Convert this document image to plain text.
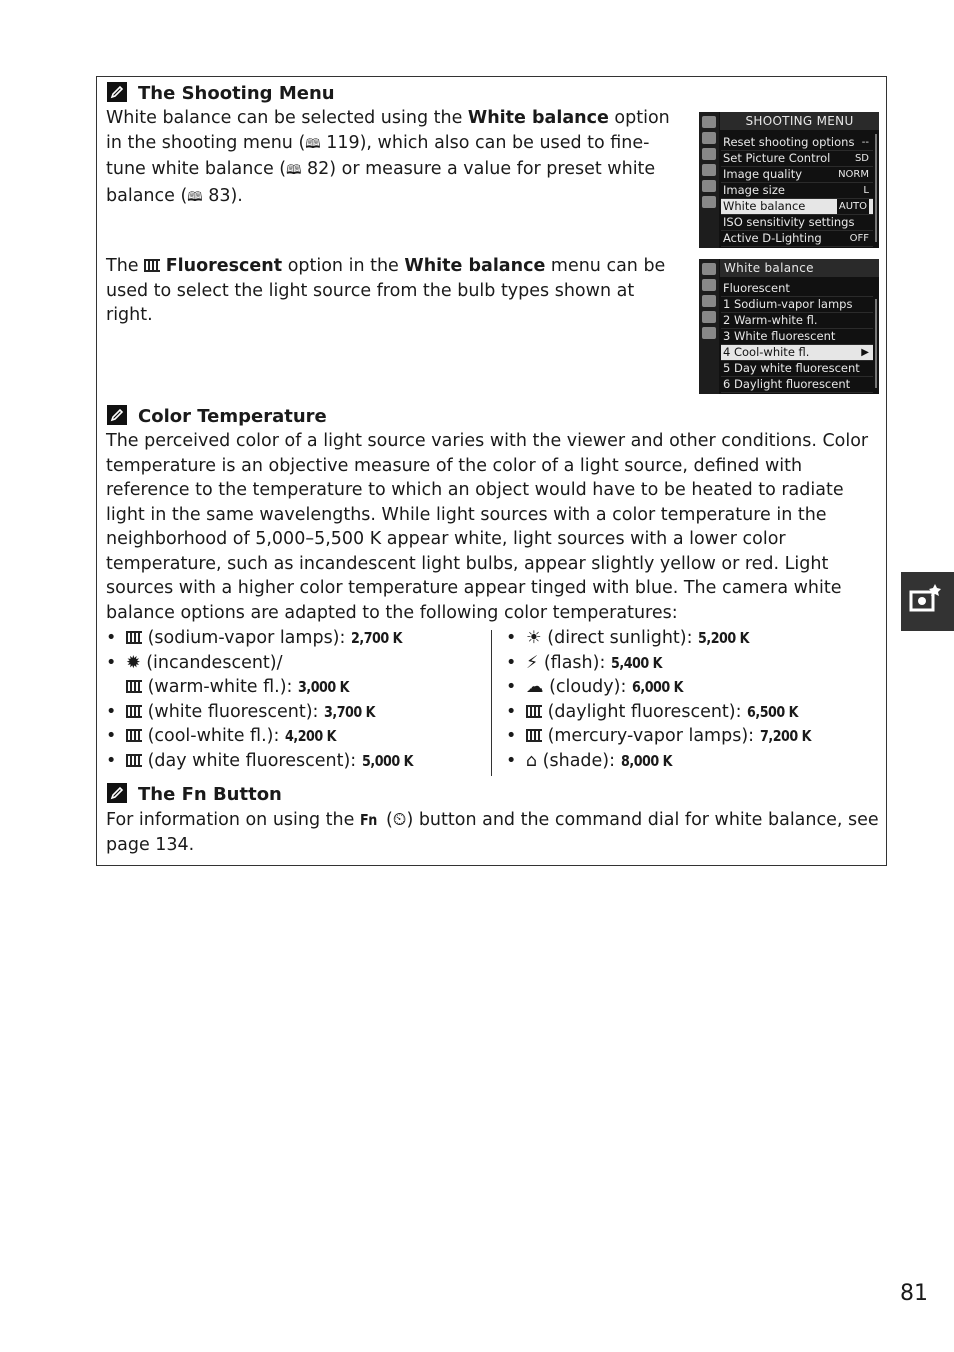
The Shooting Menu
White balance can be selected using the White balance option in the shooting menu (🕮 119), which also can be used to fine-tune white balance (🕮 82) or measure a value for preset white balance (🕮 83).
The  Fluorescent option in the White balance menu can be used to select the light source from the bulb types shown at right.
SHOOTING MENU
Reset shooting options --
Set Picture Control SD
Image quality	NORM
Image size	L
White balance	AUTO
ISO sensitivity settings
Active D-Lighting	OFF
White balance
Fluorescent
1 Sodium-vapor lamps
2 Warm-white fl.
3 White fluorescent
4 Cool-white fl.	▶
5 Day white fluorescent
6 Daylight fluorescent
Color Temperature
The perceived color of a light source varies with the viewer and other conditions. Color temperature is an objective measure of the color of a light source, defined with reference to the temperature to which an object would have to be heated to radiate light in the same wavelengths. While light sources with a color temperature in the neighborhood of 5,000–5,500 K appear white, light sources with a lower color temperature, such as incandescent light bulbs, appear slightly yellow or red. Light sources with a higher color temperature appear tinged with blue. The camera white balance options are adapted to the following color temperatures:
• (sodium-vapor lamps): 2,700 K
• ✹ (incandescent)/
(warm-white fl.): 3,000 K
• (white fluorescent): 3,700 K
• (cool-white fl.): 4,200 K
• (day white fluorescent): 5,000 K
• ☀ (direct sunlight): 5,200 K
• ⚡ (flash): 5,400 K
• ☁ (cloudy): 6,000 K
• (daylight fluorescent): 6,500 K
• (mercury-vapor lamps): 7,200 K
• ⌂ (shade): 8,000 K
The Fn Button
For information on using the Fn (⏲) button and the command dial for white balance, see page 134.
81
